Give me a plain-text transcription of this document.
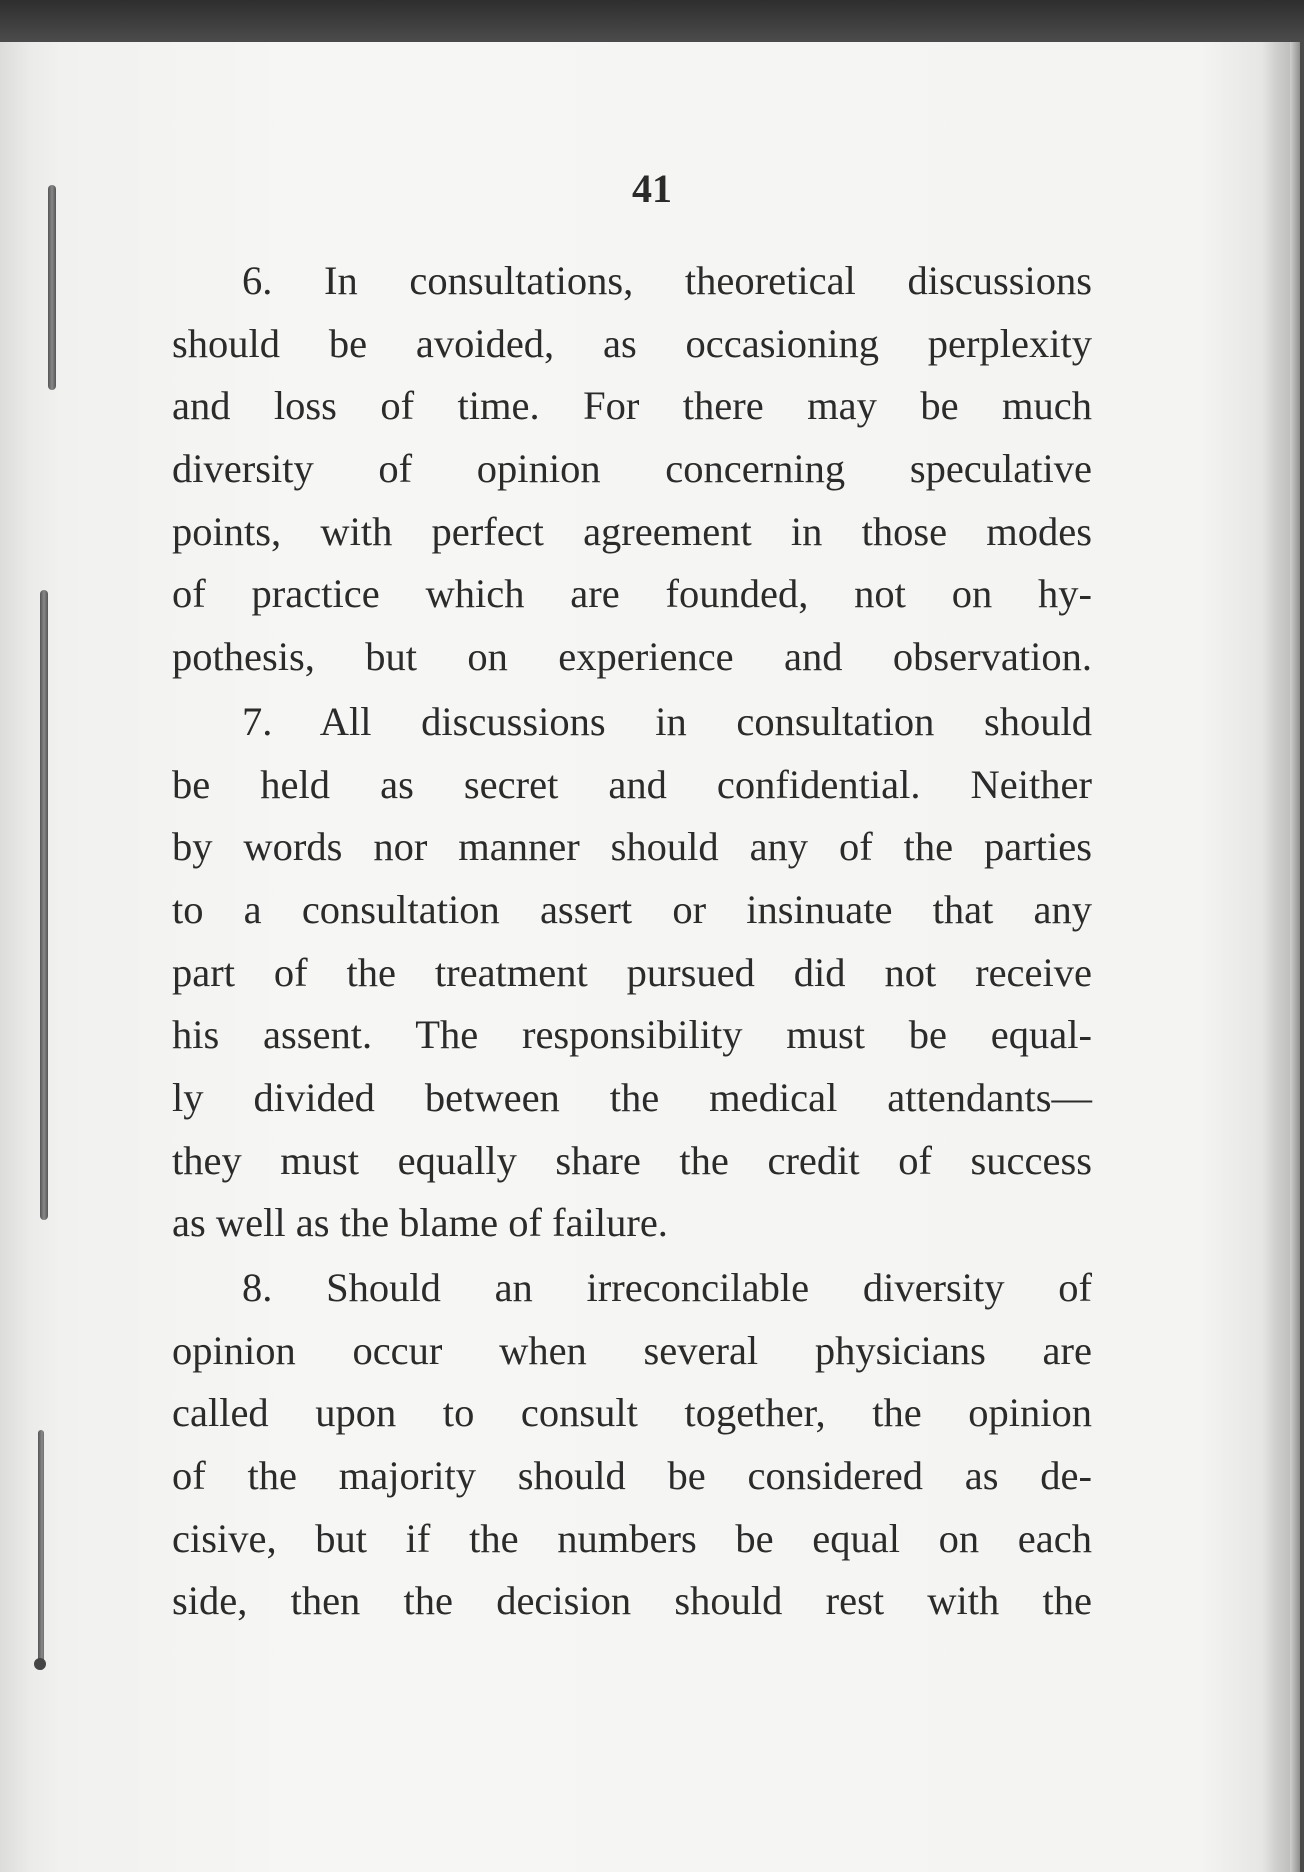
41
6. In consultations, theoretical discussions
should be avoided, as occasioning perplexity
and loss of time. For there may be much
diversity of opinion concerning speculative
points, with perfect agreement in those modes
of practice which are founded, not on hy-
pothesis, but on experience and observation.
7. All discussions in consultation should
be held as secret and confidential. Neither
by words nor manner should any of the parties
to a consultation assert or insinuate that any
part of the treatment pursued did not receive
his assent. The responsibility must be equal-
ly divided between the medical attendants—
they must equally share the credit of success
as well as the blame of failure.
8. Should an irreconcilable diversity of
opinion occur when several physicians are
called upon to consult together, the opinion
of the majority should be considered as de-
cisive, but if the numbers be equal on each
side, then the decision should rest with the
